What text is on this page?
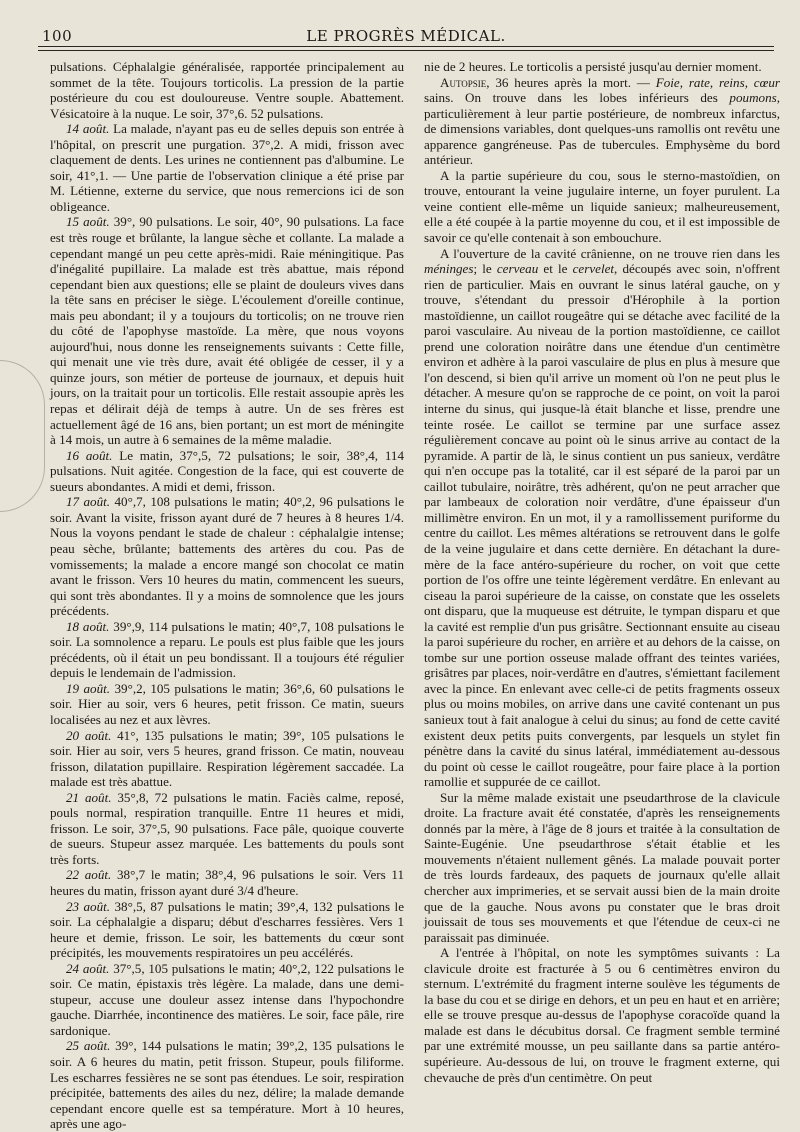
100	LE PROGRÈS MÉDICAL.

pulsations. Céphalalgie généralisée, rapportée principalement au sommet de la tête. Toujours torticolis. La pression de la partie postérieure du cou est douloureuse. Ventre souple. Abattement. Vésicatoire à la nuque. Le soir, 37°,6. 52 pulsations.

14 août. La malade, n'ayant pas eu de selles depuis son entrée à l'hôpital, on prescrit une purgation. 37°,2. A midi, frisson avec claquement de dents. Les urines ne contiennent pas d'albumine. Le soir, 41°,1. — Une partie de l'observation clinique a été prise par M. Létienne, externe du service, que nous remercions ici de son obligeance.

15 août. 39°, 90 pulsations. Le soir, 40°, 90 pulsations. La face est très rouge et brûlante, la langue sèche et collante. La malade a cependant mangé un peu cette après-midi. Raie méningitique. Pas d'inégalité pupillaire. La malade est très abattue, mais répond cependant bien aux questions; elle se plaint de douleurs vives dans la tête sans en préciser le siège. L'écoulement d'oreille continue, mais peu abondant; il y a toujours du torticolis; on ne trouve rien du côté de l'apophyse mastoïde. La mère, que nous voyons aujourd'hui, nous donne les renseignements suivants : Cette fille, qui menait une vie très dure, avait été obligée de cesser, il y a quinze jours, son métier de porteuse de journaux, et depuis huit jours, on la traitait pour un torticolis. Elle restait assoupie après les repas et délirait déjà de temps à autre. Un de ses frères est actuellement âgé de 16 ans, bien portant; un est mort de méningite à 14 mois, un autre à 6 semaines de la même maladie.

16 août. Le matin, 37°,5, 72 pulsations; le soir, 38°,4, 114 pulsations. Nuit agitée. Congestion de la face, qui est couverte de sueurs abondantes. A midi et demi, frisson.

17 août. 40°,7, 108 pulsations le matin; 40°,2, 96 pulsations le soir. Avant la visite, frisson ayant duré de 7 heures à 8 heures 1/4. Nous la voyons pendant le stade de chaleur : céphalalgie intense; peau sèche, brûlante; battements des artères du cou. Pas de vomissements; la malade a encore mangé son chocolat ce matin avant le frisson. Vers 10 heures du matin, commencent les sueurs, qui sont très abondantes. Il y a moins de somnolence que les jours précédents.

18 août. 39°,9, 114 pulsations le matin; 40°,7, 108 pulsations le soir. La somnolence a reparu. Le pouls est plus faible que les jours précédents, où il était un peu bondissant. Il a toujours été régulier depuis le lendemain de l'admission.

19 août. 39°,2, 105 pulsations le matin; 36°,6, 60 pulsations le soir. Hier au soir, vers 6 heures, petit frisson. Ce matin, sueurs localisées au nez et aux lèvres.

20 août. 41°, 135 pulsations le matin; 39°, 105 pulsations le soir. Hier au soir, vers 5 heures, grand frisson. Ce matin, nouveau frisson, dilatation pupillaire. Respiration légèrement saccadée. La malade est très abattue.

21 août. 35°,8, 72 pulsations le matin. Faciès calme, reposé, pouls normal, respiration tranquille. Entre 11 heures et midi, frisson. Le soir, 37°,5, 90 pulsations. Face pâle, quoique couverte de sueurs. Stupeur assez marquée. Les battements du pouls sont très forts.

22 août. 38°,7 le matin; 38°,4, 96 pulsations le soir. Vers 11 heures du matin, frisson ayant duré 3/4 d'heure.

23 août. 38°,5, 87 pulsations le matin; 39°,4, 132 pulsations le soir. La céphalalgie a disparu; début d'escharres fessières. Vers 1 heure et demie, frisson. Le soir, les battements du cœur sont précipités, les mouvements respiratoires un peu accélérés.

24 août. 37°,5, 105 pulsations le matin; 40°,2, 122 pulsations le soir. Ce matin, épistaxis très légère. La malade, dans une demi-stupeur, accuse une douleur assez intense dans l'hypochondre gauche. Diarrhée, incontinence des matières. Le soir, face pâle, rire sardonique.

25 août. 39°, 144 pulsations le matin; 39°,2, 135 pulsations le soir. A 6 heures du matin, petit frisson. Stupeur, pouls filiforme. Les escharres fessières ne se sont pas étendues. Le soir, respiration précipitée, battements des ailes du nez, délire; la malade demande cependant encore quelle est sa température. Mort à 10 heures, après une ago-

nie de 2 heures. Le torticolis a persisté jusqu'au dernier moment.

Autopsie, 36 heures après la mort. — Foie, rate, reins, cœur sains. On trouve dans les lobes inférieurs des poumons, particulièrement à leur partie postérieure, de nombreux infarctus, de dimensions variables, dont quelques-uns ramollis ont revêtu une apparence gangréneuse. Pas de tubercules. Emphysème du bord antérieur.

A la partie supérieure du cou, sous le sterno-mastoïdien, on trouve, entourant la veine jugulaire interne, un foyer purulent. La veine contient elle-même un liquide sanieux; malheureusement, elle a été coupée à la partie moyenne du cou, et il est impossible de savoir ce qu'elle contenait à son embouchure.

A l'ouverture de la cavité crânienne, on ne trouve rien dans les méninges; le cerveau et le cervelet, découpés avec soin, n'offrent rien de particulier. Mais en ouvrant le sinus latéral gauche, on y trouve, s'étendant du pressoir d'Hérophile à la portion mastoïdienne, un caillot rougeâtre qui se détache avec facilité de la paroi vasculaire. Au niveau de la portion mastoïdienne, ce caillot prend une coloration noirâtre dans une étendue d'un centimètre environ et adhère à la paroi vasculaire de plus en plus à mesure que l'on descend, si bien qu'il arrive un moment où l'on ne peut plus le détacher. A mesure qu'on se rapproche de ce point, on voit la paroi interne du sinus, qui jusque-là était blanche et lisse, prendre une teinte rosée. Le caillot se termine par une surface assez régulièrement concave au point où le sinus arrive au contact de la pyramide. A partir de là, le sinus contient un pus sanieux, verdâtre qui n'en occupe pas la totalité, car il est séparé de la paroi par un caillot tubulaire, noirâtre, très adhérent, qu'on ne peut arracher que par lambeaux de coloration noir verdâtre, d'une épaisseur d'un millimètre environ. En un mot, il y a ramollissement puriforme du centre du caillot. Les mêmes altérations se retrouvent dans le golfe de la veine jugulaire et dans cette dernière. En détachant la dure-mère de la face antéro-supérieure du rocher, on voit que cette portion de l'os offre une teinte légèrement verdâtre. En enlevant au ciseau la paroi supérieure de la caisse, on constate que les osselets ont disparu, que la muqueuse est détruite, le tympan disparu et que la cavité est remplie d'un pus grisâtre. Sectionnant ensuite au ciseau la paroi supérieure du rocher, en arrière et au dehors de la caisse, on tombe sur une portion osseuse malade offrant des teintes variées, grisâtres par places, noir-verdâtre en d'autres, s'émiettant facilement avec la pince. En enlevant avec celle-ci de petits fragments osseux plus ou moins mobiles, on arrive dans une cavité contenant un pus sanieux tout à fait analogue à celui du sinus; au fond de cette cavité existent deux petits puits convergents, par lesquels un stylet fin pénètre dans la cavité du sinus latéral, immédiatement au-dessous du point où cesse le caillot rougeâtre, pour faire place à la portion ramollie et suppurée de ce caillot.

Sur la même malade existait une pseudarthrose de la clavicule droite. La fracture avait été constatée, d'après les renseignements donnés par la mère, à l'âge de 8 jours et traitée à la consultation de Sainte-Eugénie. Une pseudarthrose s'était établie et les mouvements n'étaient nullement gênés. La malade pouvait porter de très lourds fardeaux, des paquets de journaux qu'elle allait chercher aux imprimeries, et se servait aussi bien de la main droite que de la gauche. Nous avons pu constater que le bras droit jouissait de tous ses mouvements et que l'étendue de ceux-ci ne paraissait pas diminuée.

A l'entrée à l'hôpital, on note les symptômes suivants : La clavicule droite est fracturée à 5 ou 6 centimètres environ du sternum. L'extrémité du fragment interne soulève les téguments de la base du cou et se dirige en dehors, et un peu en haut et en arrière; elle se trouve presque au-dessus de l'apophyse coracoïde quand la malade est dans le décubitus dorsal. Ce fragment semble terminé par une extrémité mousse, un peu saillante dans sa partie antéro-supérieure. Au-dessous de lui, on trouve le fragment externe, qui chevauche de près d'un centimètre. On peut
